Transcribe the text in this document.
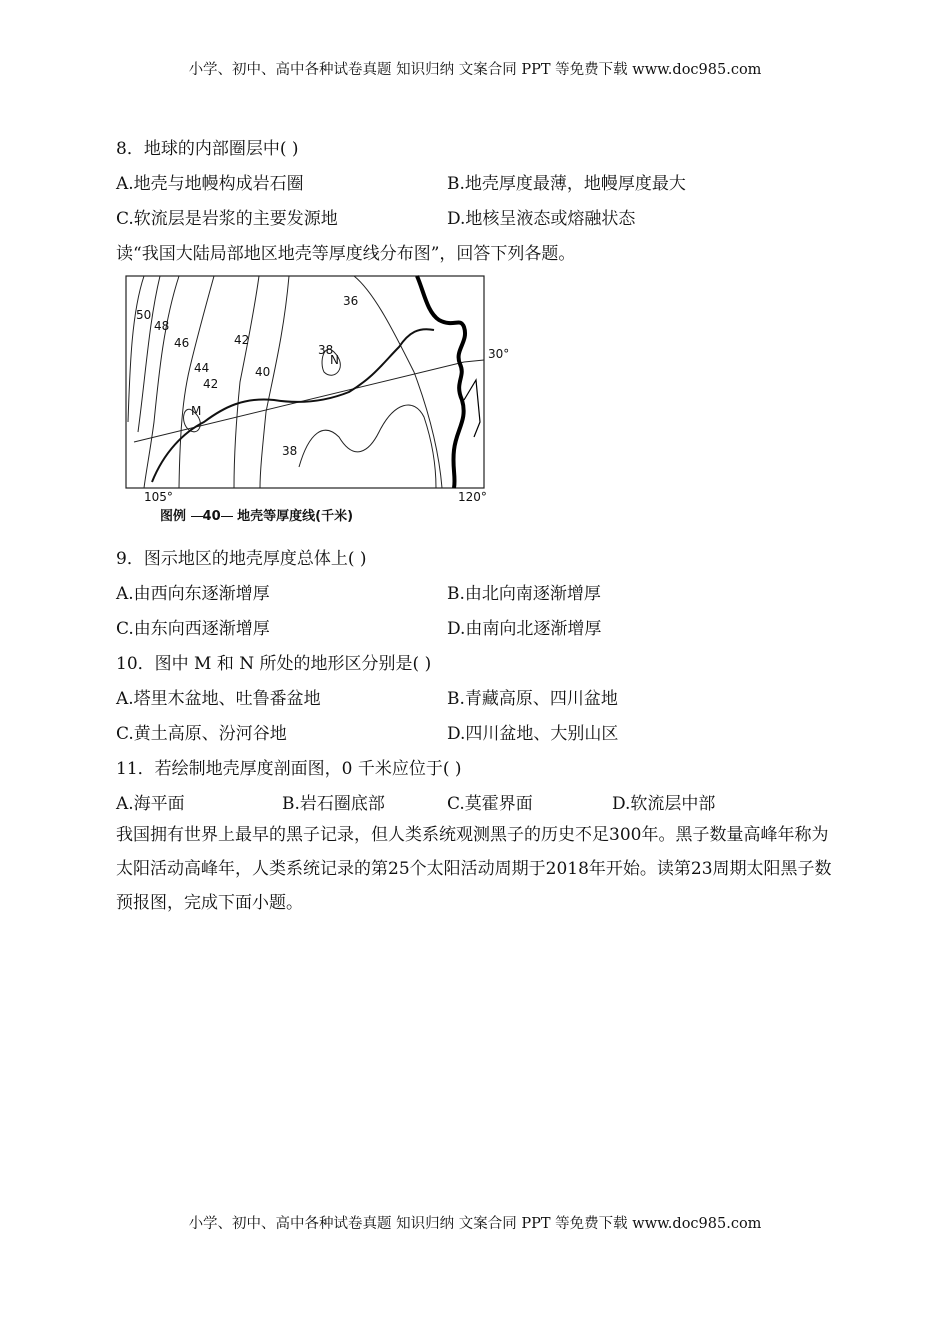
小学、初中、高中各种试卷真题 知识归纳 文案合同 PPT 等免费下载 www.doc985.com
8．地球的内部圈层中( )
A.地壳与地幔构成岩石圈	B.地壳厚度最薄，地幔厚度最大
C.软流层是岩浆的主要发源地	D.地核呈液态或熔融状态
读“我国大陆局部地区地壳等厚度线分布图”，回答下列各题。
50
48
46
44
42
42
40
36
38
38
M
N	30°
105°	120°
图例 40 地壳等厚度线(千米)
9．图示地区的地壳厚度总体上( )
A.由西向东逐渐增厚	B.由北向南逐渐增厚
C.由东向西逐渐增厚	D.由南向北逐渐增厚
10．图中 M 和 N 所处的地形区分别是( )
A.塔里木盆地、吐鲁番盆地	B.青藏高原、四川盆地
C.黄土高原、汾河谷地	D.四川盆地、大别山区
11．若绘制地壳厚度剖面图，0 千米应位于( )
A.海平面	B.岩石圈底部	C.莫霍界面	D.软流层中部
我国拥有世界上最早的黑子记录，但人类系统观测黑子的历史不足300年。黑子数量高峰年称为太阳活动高峰年，人类系统记录的第25个太阳活动周期于2018年开始。读第23周期太阳黑子数预报图，完成下面小题。
小学、初中、高中各种试卷真题 知识归纳 文案合同 PPT 等免费下载 www.doc985.com
